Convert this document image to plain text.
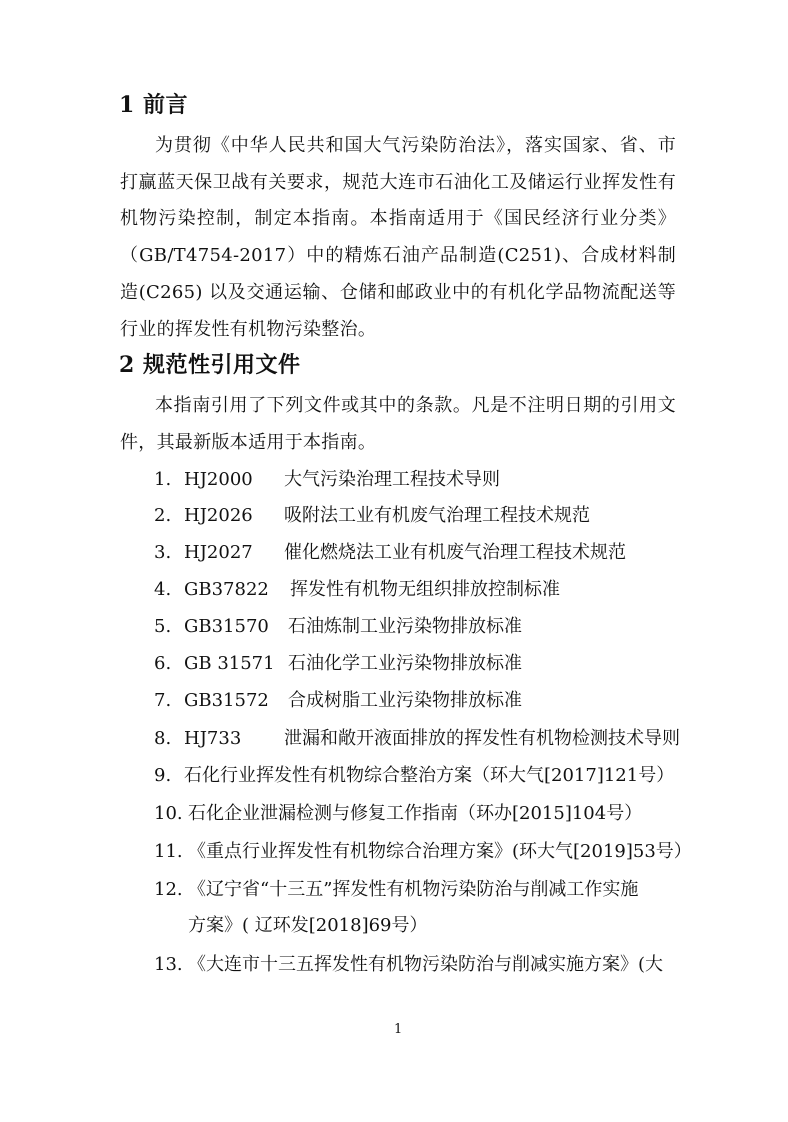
1 前言
为贯彻《中华人民共和国大气污染防治法》，落实国家、省、市打赢蓝天保卫战有关要求，规范大连市石油化工及储运行业挥发性有机物污染控制，制定本指南。本指南适用于《国民经济行业分类》（GB/T4754-2017）中的精炼石油产品制造(C251)、合成材料制造(C265) 以及交通运输、仓储和邮政业中的有机化学品物流配送等行业的挥发性有机物污染整治。
2 规范性引用文件
本指南引用了下列文件或其中的条款。凡是不注明日期的引用文件，其最新版本适用于本指南。
1. HJ2000	大气污染治理工程技术导则
2. HJ2026	吸附法工业有机废气治理工程技术规范
3. HJ2027	催化燃烧法工业有机废气治理工程技术规范
4. GB37822	挥发性有机物无组织排放控制标准
5. GB31570	石油炼制工业污染物排放标准
6. GB 31571 石油化学工业污染物排放标准
7. GB31572	合成树脂工业污染物排放标准
8. HJ733	泄漏和敞开液面排放的挥发性有机物检测技术导则
9. 石化行业挥发性有机物综合整治方案（环大气[2017]121号）
10. 石化企业泄漏检测与修复工作指南（环办[2015]104号）
11. 《重点行业挥发性有机物综合治理方案》(环大气[2019]53号）
12. 《辽宁省“十三五”挥发性有机物污染防治与削减工作实施
方案》( 辽环发[2018]69号）
13. 《大连市十三五挥发性有机物污染防治与削减实施方案》(大
1
